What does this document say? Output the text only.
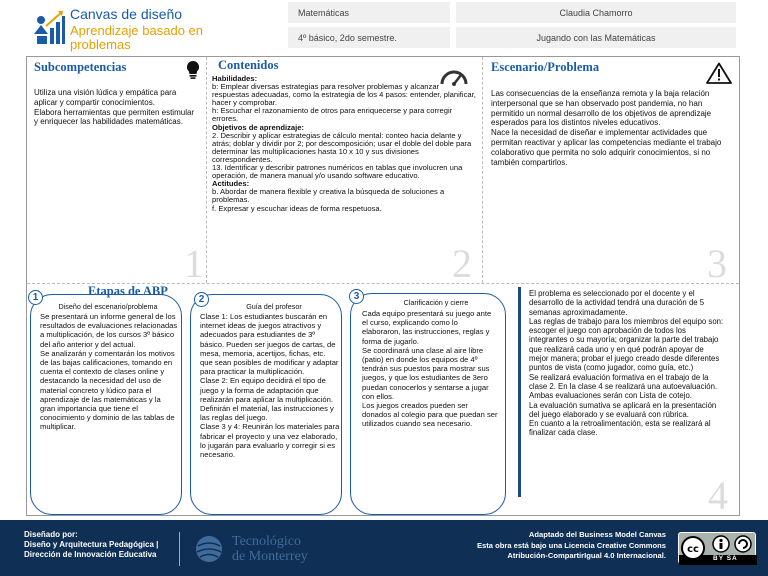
Canvas de diseño
Aprendizaje basado en problemas
Matemáticas	Claudia Chamorro
4º básico, 2do semestre.	Jugando con las Matemáticas
Subcompetencias
Utiliza una visión lúdica y empática para aplicar y compartir conocimientos.
Elabora herramientas que permiten estimular y enriquecer las habilidades matemáticas.
1
Contenidos

Habilidades:

b: Emplear diversas estrategias para resolver problemas y alcanzar respuestas adecuadas, como la estrategia de los 4 pasos: entender, planificar, hacer y comprobar.

h: Escuchar el razonamiento de otros para enriquecerse y para corregir errores.

Objetivos de aprendizaje:

2. Describir y aplicar estrategias de cálculo mental: conteo hacia delante y atrás; doblar y dividir por 2; por descomposición; usar el doble del doble para determinar las multiplicaciones hasta 10 x 10 y sus divisiones correspondientes.

13. Identificar y describir patrones numéricos en tablas que involucren una operación, de manera manual y/o usando software educativo.

Actitudes:

b. Abordar de manera flexible y creativa la búsqueda de soluciones a problemas.

f. Expresar y escuchar ideas de forma respetuosa.

2
Escenario/Problema
Las consecuencias de la enseñanza remota y la baja relación interpersonal que se han observado post pandemia, no han permitido un normal desarrollo de los objetivos de aprendizaje esperados para los distintos niveles educativos.
Nace la necesidad de diseñar e implementar actividades que permitan reactivar y aplicar las competencias mediante el trabajo colaborativo que permita no solo adquirir conocimientos, si no también compartirlos.
3
Etapas de ABP
1
Diseño del escenario/problema
Se presentará un informe general de los resultados de evaluaciones relacionadas a multiplicación, de los cursos 3º básico del año anterior y del actual.
Se analizarán y comentarán los motivos de las bajas calificaciones, tomando en cuenta el contexto de clases online y destacando la necesidad del uso de material concreto y lúdico para el aprendizaje de las matemáticas y la gran importancia que tiene el conocimiento y dominio de las tablas de multiplicar.
2
Guía del profesor
Clase 1: Los estudiantes buscarán en internet ideas de juegos atractivos y adecuados para estudiantes de 3º básico. Pueden ser juegos de cartas, de mesa, memoria, acertijos, fichas, etc. que sean posibles de modificar y adaptar para practicar la multiplicación.
Clase 2: En equipo decidirá el tipo de juego y la forma de adaptación que realizarán para aplicar la multiplicación. Definirán el material, las instrucciones y las reglas del juego.
Clase 3 y 4: Reunirán los materiales para fabricar el proyecto y una vez elaborado, lo jugarán para evaluarlo y corregir si es necesario.
3
Clarificación y cierre
Cada equipo presentará su juego ante el curso, explicando como lo elaboraron, las instrucciones, reglas y forma de jugarlo.
Se coordinará una clase al aire libre (patio) en donde los equipos de 4º tendrán sus puestos para mostrar sus juegos, y que los estudiantes de 3ero puedan conocerlos y sentarse a jugar con ellos.
Los juegos creados pueden ser donados al colegio para que puedan ser utilizados cuando sea necesario.
El problema es seleccionado por el docente y el desarrollo de la actividad tendrá una duración de 5 semanas aproximadamente.
Las reglas de trabajo para los miembros del equipo son: escoger el juego con aprobación de todos los integrantes o su mayoría; organizar la parte del trabajo que realizará cada uno y en qué podrán apoyar de mejor manera; probar el juego creado desde diferentes puntos de vista (como jugador, como guía, etc.)
Se realizará evaluación formativa en el trabajo de la clase 2. En la clase 4 se realizará una autoevaluación. Ambas evaluaciones serán con Lista de cotejo.
La evaluación sumativa se aplicará en la presentación del juego elaborado y se evaluará con rúbrica.
En cuanto a la retroalimentación, esta se realizará al finalizar cada clase.
4
Diseñado por:
Diseño y Arquitectura Pedagógica | Dirección de Innovación Educativa
Tecnológico
de Monterrey
Adaptado del Business Model Canvas
Esta obra está bajo una Licencia Creative Commons
Atribución-CompartirIgual 4.0 Internacional.
cc
BY SA
